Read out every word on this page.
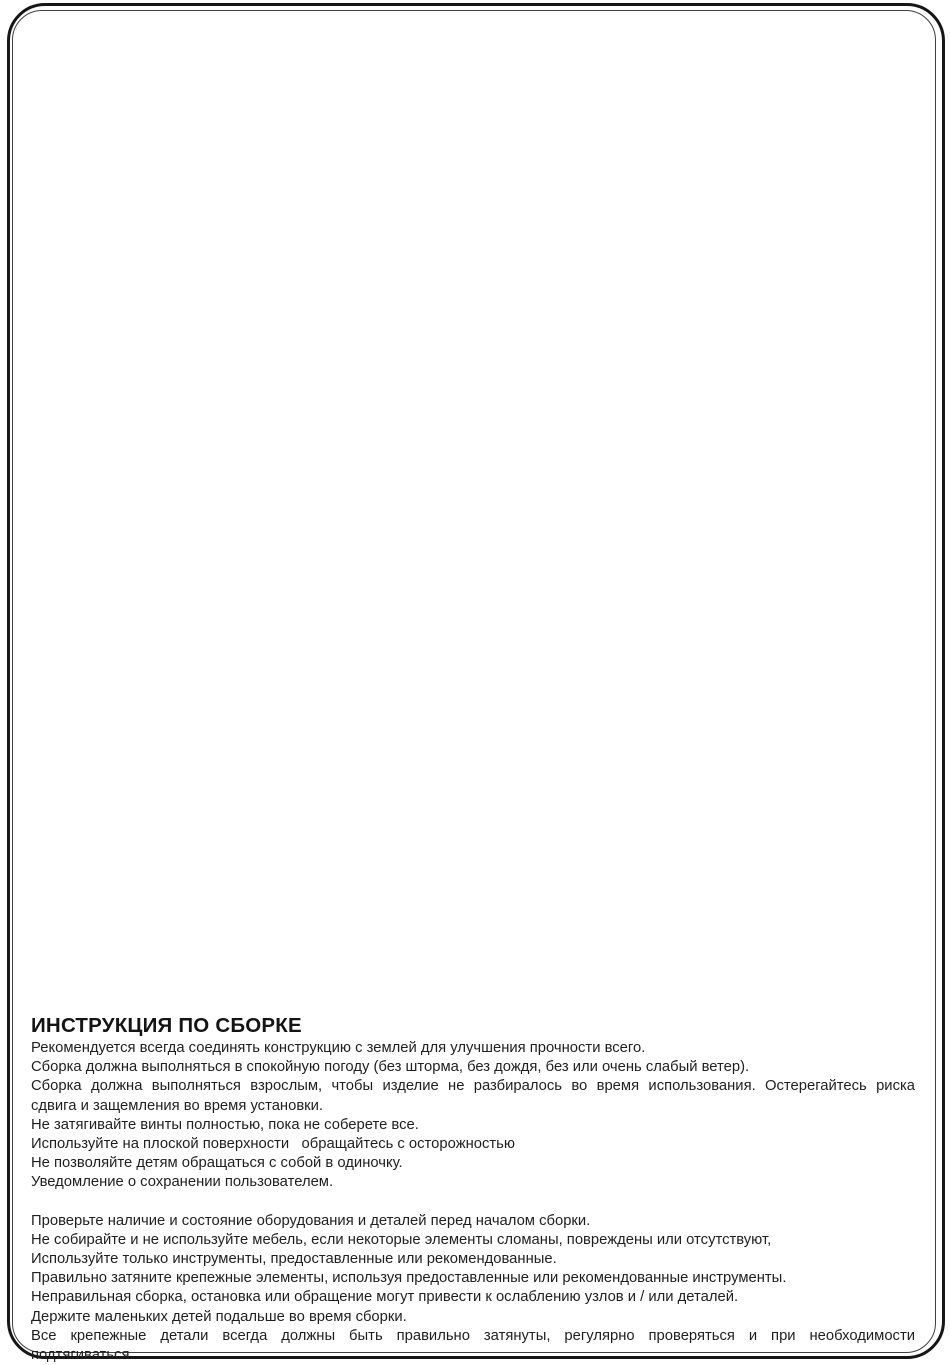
ИНСТРУКЦИЯ ПО СБОРКЕ
Рекомендуется всегда соединять конструкцию с землей для улучшения прочности всего.
Сборка должна выполняться в спокойную погоду (без шторма, без дождя, без или очень слабый ветер).
Сборка должна выполняться взрослым, чтобы изделие не разбиралось во время использования. Остерегайтесь риска
сдвига и защемления во время установки.
Не затягивайте винты полностью, пока не соберете все.
Используйте на плоской поверхности   обращайтесь с осторожностью
Не позволяйте детям обращаться с собой в одиночку.
Уведомление о сохранении пользователем.
Проверьте наличие и состояние оборудования и деталей перед началом сборки.
Не собирайте и не используйте мебель, если некоторые элементы сломаны, повреждены или отсутствуют,
Используйте только инструменты, предоставленные или рекомендованные.
Правильно затяните крепежные элементы, используя предоставленные или рекомендованные инструменты.
Неправильная сборка, остановка или обращение могут привести к ослаблению узлов и / или деталей.
Держите маленьких детей подальше во время сборки.
Все крепежные детали всегда должны быть правильно затянуты, регулярно проверяться и при необходимости
подтягиваться.
